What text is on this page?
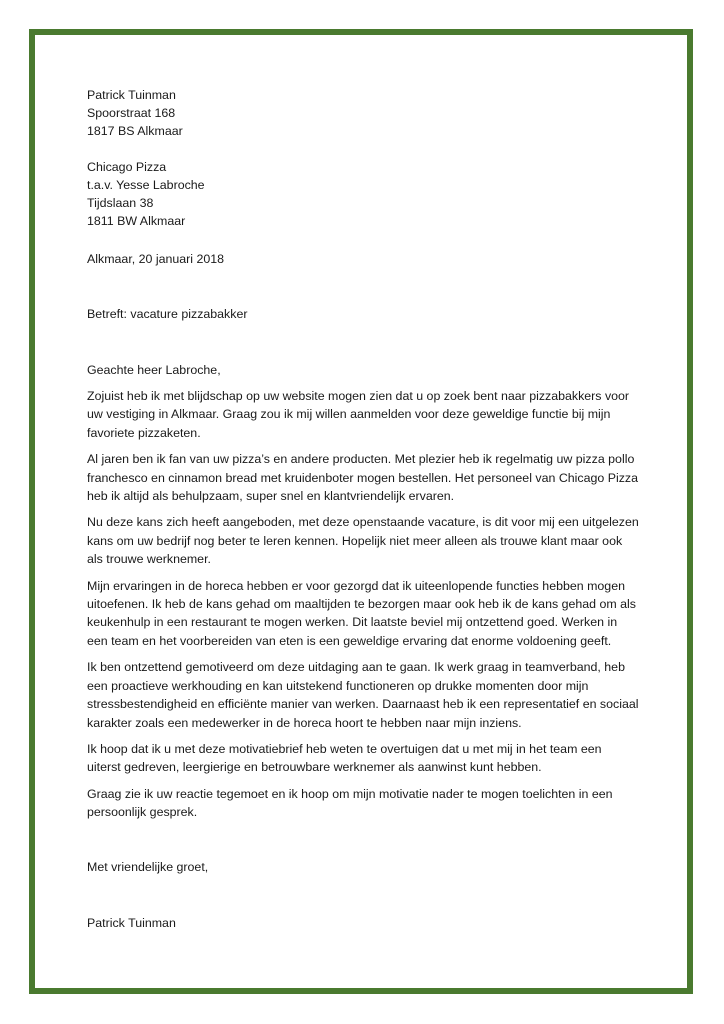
Patrick Tuinman
Spoorstraat 168
1817 BS Alkmaar
Chicago Pizza
t.a.v. Yesse Labroche
Tijdslaan 38
1811 BW Alkmaar
Alkmaar, 20 januari 2018
Betreft: vacature pizzabakker
Geachte heer Labroche,
Zojuist heb ik met blijdschap op uw website mogen zien dat u op zoek bent naar pizzabakkers voor
uw vestiging in Alkmaar. Graag zou ik mij willen aanmelden voor deze geweldige functie bij mijn
favoriete pizzaketen.
Al jaren ben ik fan van uw pizza’s en andere producten. Met plezier heb ik regelmatig uw pizza pollo
franchesco en cinnamon bread met kruidenboter mogen bestellen. Het personeel van Chicago Pizza
heb ik altijd als behulpzaam, super snel en klantvriendelijk ervaren.
Nu deze kans zich heeft aangeboden, met deze openstaande vacature, is dit voor mij een uitgelezen
kans om uw bedrijf nog beter te leren kennen. Hopelijk niet meer alleen als trouwe klant maar ook
als trouwe werknemer.
Mijn ervaringen in de horeca hebben er voor gezorgd dat ik uiteenlopende functies hebben mogen
uitoefenen. Ik heb de kans gehad om maaltijden te bezorgen maar ook heb ik de kans gehad om als
keukenhulp in een restaurant te mogen werken. Dit laatste beviel mij ontzettend goed. Werken in
een team en het voorbereiden van eten is een geweldige ervaring dat enorme voldoening geeft.
Ik ben ontzettend gemotiveerd om deze uitdaging aan te gaan. Ik werk graag in teamverband, heb
een proactieve werkhouding en kan uitstekend functioneren op drukke momenten door mijn
stressbestendigheid en efficiënte manier van werken. Daarnaast heb ik een representatief en sociaal
karakter zoals een medewerker in de horeca hoort te hebben naar mijn inziens.
Ik hoop dat ik u met deze motivatiebrief heb weten te overtuigen dat u met mij in het team een
uiterst gedreven, leergierige en betrouwbare werknemer als aanwinst kunt hebben.
Graag zie ik uw reactie tegemoet en ik hoop om mijn motivatie nader te mogen toelichten in een
persoonlijk gesprek.
Met vriendelijke groet,
Patrick Tuinman
